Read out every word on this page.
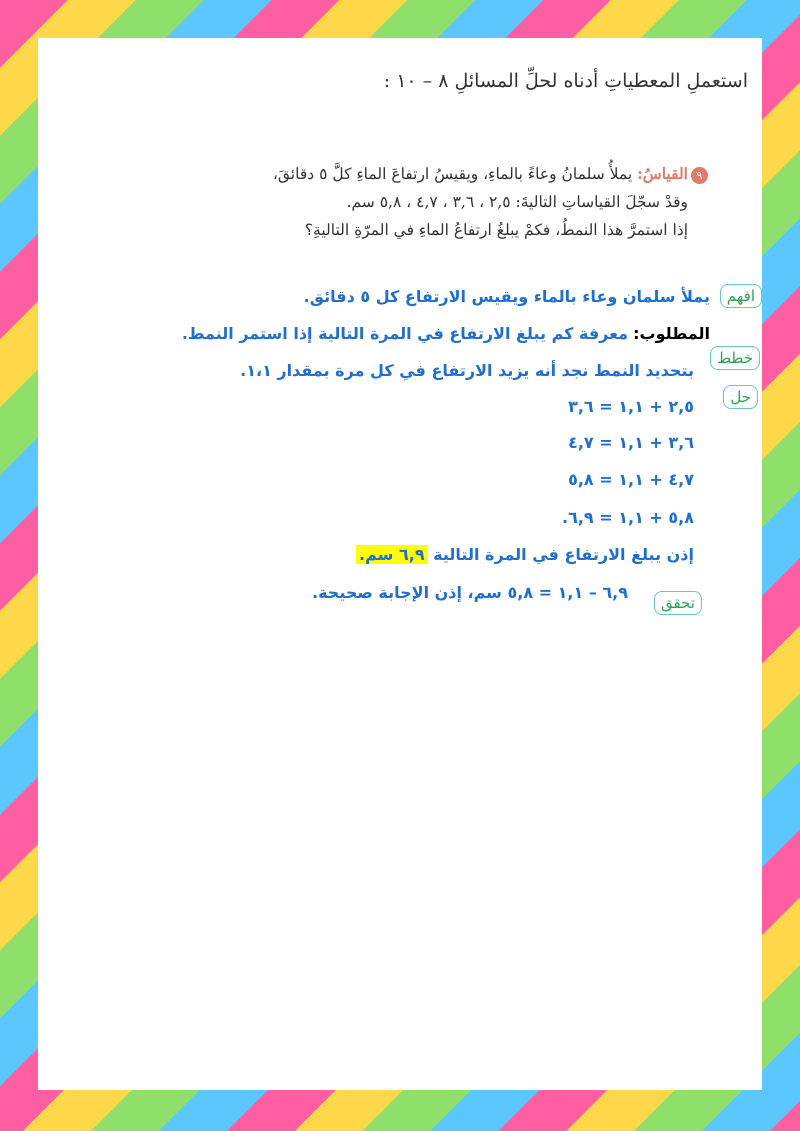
استعملِ المعطياتِ أدناه لحلِّ المسائلِ ٨ – ١٠ :
٩
القياسُ: يملأُ سلمانُ وعاءً بالماءِ، ويقيسُ ارتفاعَ الماءِ كلَّ ٥ دقائقَ،
وقدْ سجّلَ القياساتِ التاليةَ: ٢,٥ ، ٣,٦ ، ٤,٧ ، ٥,٨ سم.
إذا استمرَّ هذا النمطُ، فكمْ يبلغُ ارتفاعُ الماءِ في المرّةِ التاليةِ؟
افهم
خطط
حل
تحقق
يملأ سلمان وعاء بالماء ويقيس الارتفاع كل ٥ دقائق.
المطلوب: معرفة كم يبلغ الارتفاع في المرة التالية إذا استمر النمط.
بتحديد النمط نجد أنه يزيد الارتفاع في كل مرة بمقدار ١،١.
٢,٥ + ١,١ = ٣,٦
٣,٦ + ١,١ = ٤,٧
٤,٧ + ١,١ = ٥,٨
٥,٨ + ١,١ = ٦,٩.
إذن يبلغ الارتفاع في المرة التالية ٦,٩ سم.
٦,٩ – ١,١ = ٥,٨ سم، إذن الإجابة صحيحة.
